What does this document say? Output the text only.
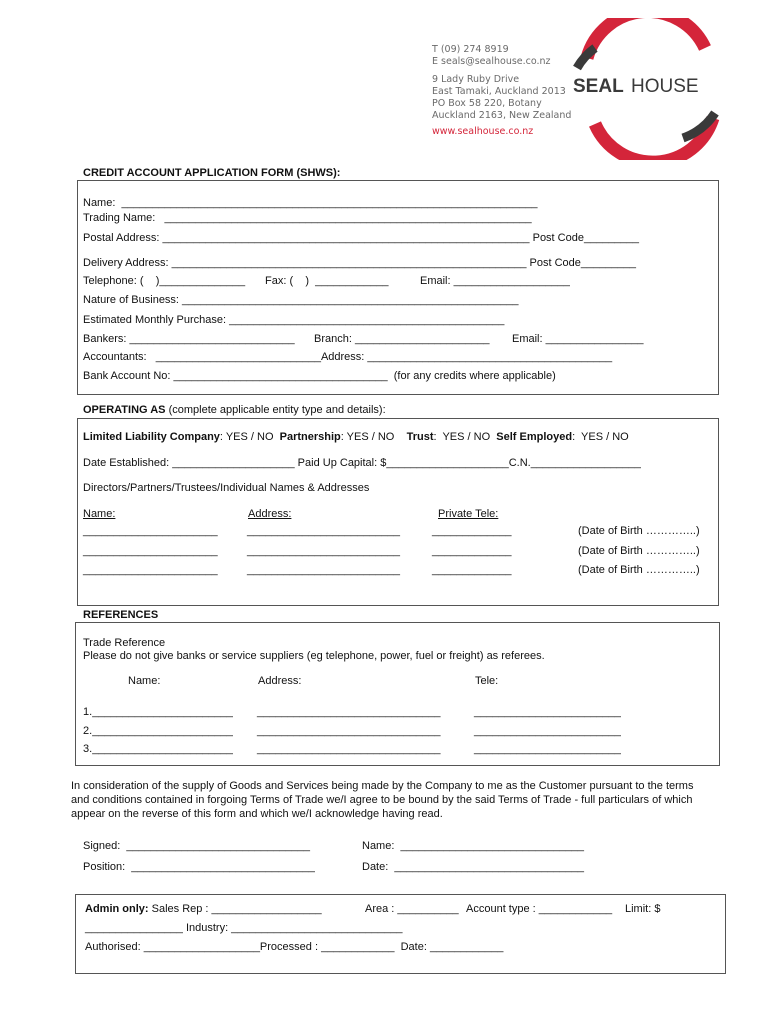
T (09) 274 8919
E seals@sealhouse.co.nz
9 Lady Ruby Drive
East Tamaki, Auckland 2013
PO Box 58 220, Botany
Auckland 2163, New Zealand
www.sealhouse.co.nz
SEAL HOUSE
CREDIT ACCOUNT APPLICATION FORM (SHWS):
Name:  ____________________________________________________________________
Trading Name:   ____________________________________________________________
Postal Address: ____________________________________________________________ Post Code_________
Delivery Address: __________________________________________________________ Post Code_________
Telephone: (    )______________ Fax: (    )  ____________	Email: ___________________
Nature of Business: _______________________________________________________
Estimated Monthly Purchase: _____________________________________________
Bankers: ___________________________ Branch: ______________________ Email: ________________
Accountants:   ___________________________Address: ________________________________________
Bank Account No: ___________________________________  (for any credits where applicable)
OPERATING AS (complete applicable entity type and details):
Limited Liability Company: YES / NO Partnership: YES / NO Trust:  YES / NO Self Employed:  YES / NO
Date Established: ____________________ Paid Up Capital: $____________________C.N.__________________
Directors/Partners/Trustees/Individual Names & Addresses
Name:	Address:	Private Tele:
______________________	_________________________	_____________	(Date of Birth …………..)
______________________	_________________________	_____________	(Date of Birth …………..)
______________________	_________________________	_____________	(Date of Birth …………..)
REFERENCES
Trade Reference
Please do not give banks or service suppliers (eg telephone, power, fuel or freight) as referees.
Name:	Address:	Tele:
1._______________________ ______________________________	________________________
2._______________________ ______________________________	________________________
3._______________________ ______________________________	________________________
In consideration of the supply of Goods and Services being made by the Company to me as the Customer pursuant to the terms and conditions contained in forgoing Terms of Trade we/I agree to be bound by the said Terms of Trade - full particulars of which appear on the reverse of this form and which we/I acknowledge having read.
Signed:  ______________________________	Name:  ______________________________
Position:  ______________________________	Date:  _______________________________
Admin only: Sales Rep : __________________	Area : __________ Account type : ____________ Limit: $
________________ Industry: ____________________________
Authorised: ___________________Processed : ____________  Date: ____________
